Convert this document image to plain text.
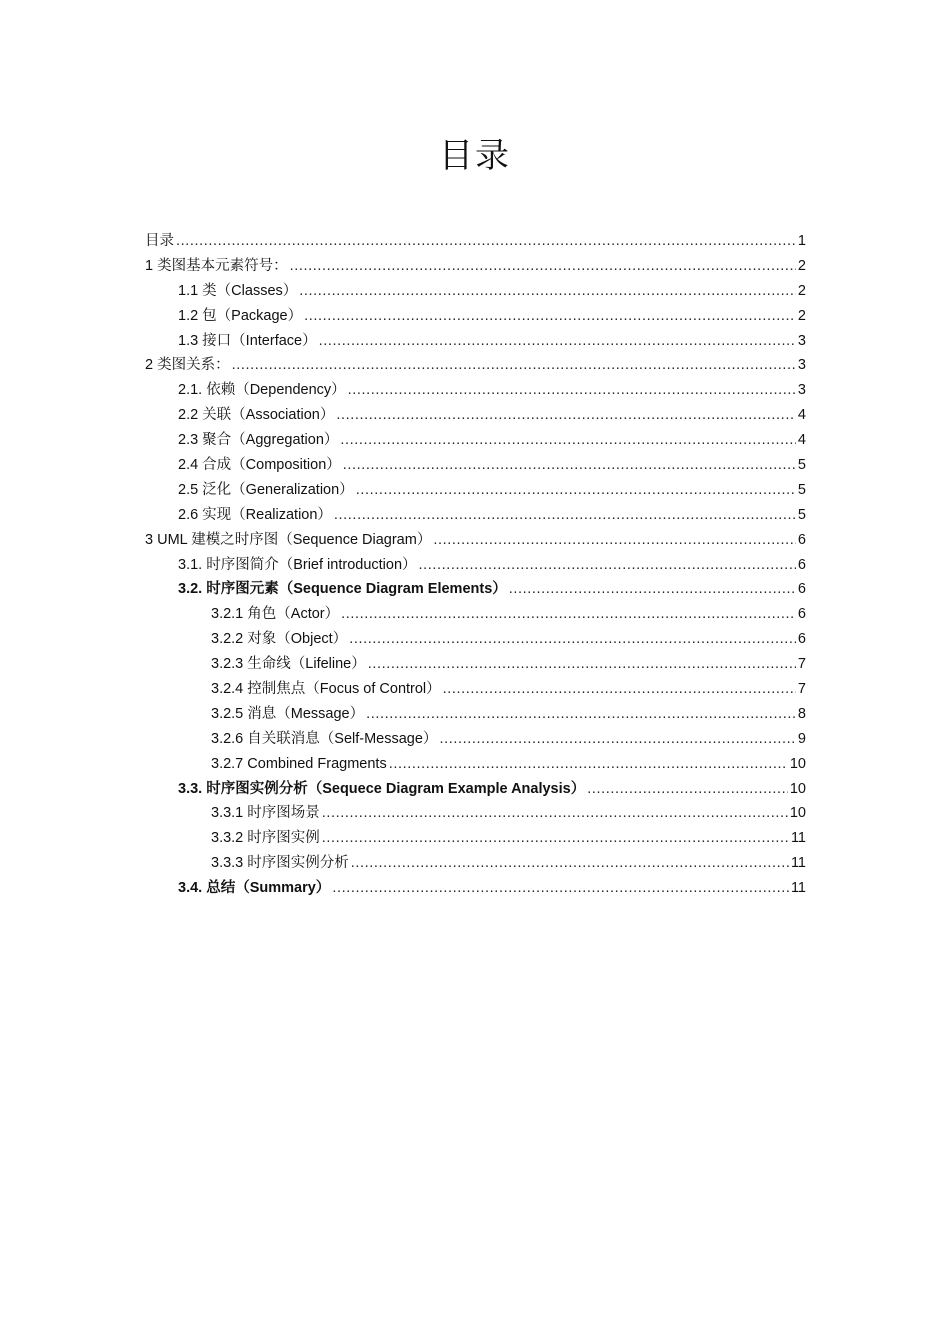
目录
目录 .....	1
1 类图基本元素符号： .....	2
1.1 类（Classes） .....	2
1.2 包（Package） .....	2
1.3 接口（Interface） .....	3
2 类图关系： .....	3
2.1. 依赖（Dependency） .....	3
2.2 关联（Association） .....	4
2.3 聚合（Aggregation） .....	4
2.4 合成（Composition） .....	5
2.5 泛化（Generalization） .....	5
2.6 实现（Realization） .....	5
3 UML 建模之时序图（Sequence Diagram） .....	6
3.1. 时序图简介（Brief introduction） .....	6
3.2. 时序图元素（Sequence Diagram Elements） .....	6
3.2.1 角色（Actor） .....	6
3.2.2 对象（Object） .....	6
3.2.3 生命线（Lifeline） .....	7
3.2.4 控制焦点（Focus of Control） .....	7
3.2.5 消息（Message） .....	8
3.2.6 自关联消息（Self-Message） .....	9
3.2.7 Combined Fragments .....	10
3.3. 时序图实例分析（Sequece Diagram Example Analysis） .....	10
3.3.1 时序图场景 .....	10
3.3.2 时序图实例 .....	11
3.3.3 时序图实例分析 .....	11
3.4. 总结（Summary） .....	11
